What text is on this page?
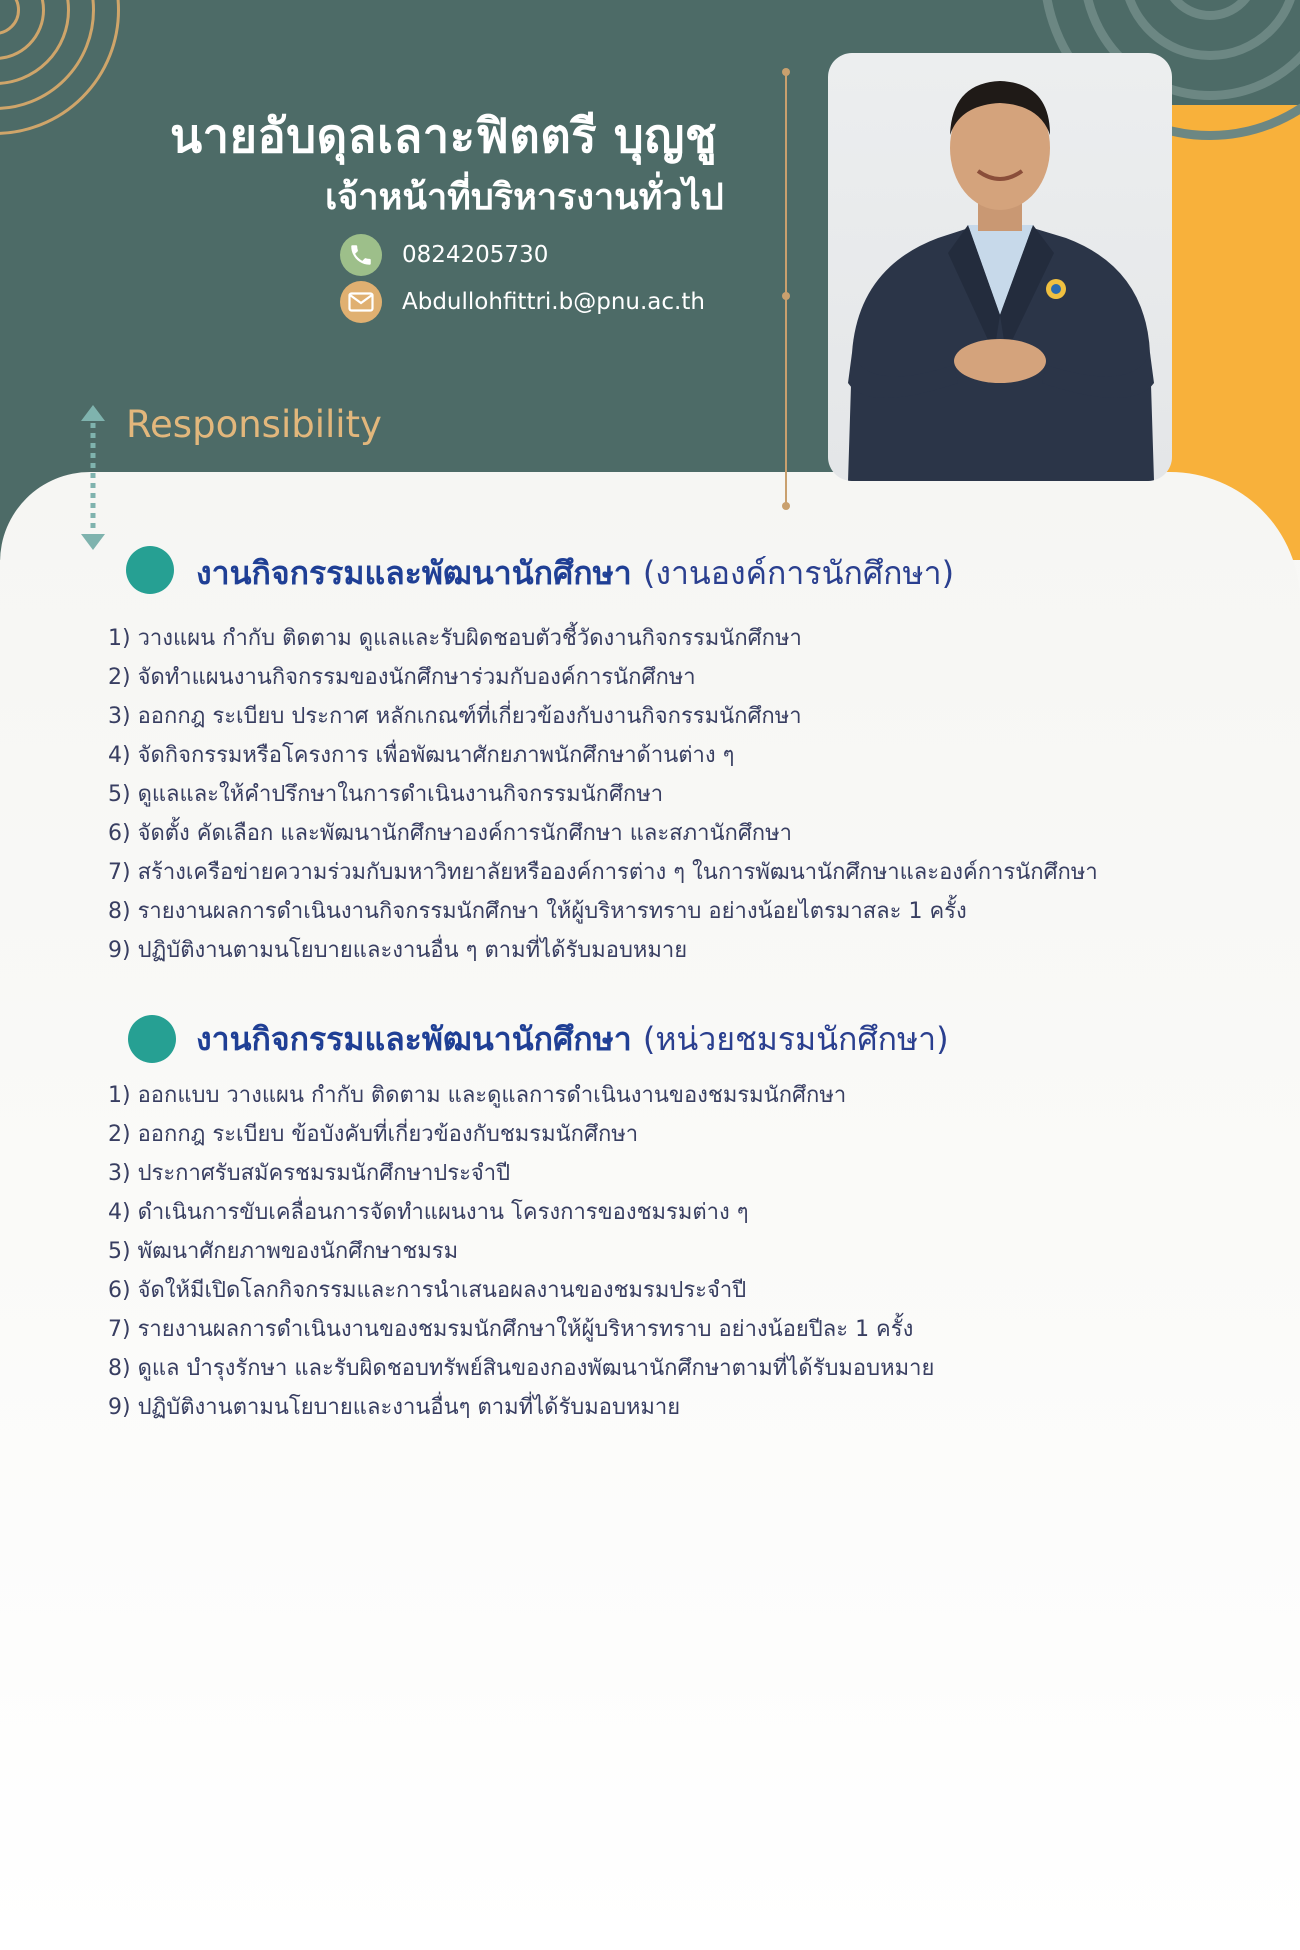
นายอับดุลเลาะฟิตตรี บุญชู
เจ้าหน้าที่บริหารงานทั่วไป
0824205730
Abdullohfittri.b@pnu.ac.th
Responsibility
งานกิจกรรมและพัฒนานักศึกษา (งานองค์การนักศึกษา)
1) วางแผน กำกับ ติดตาม ดูแลและรับผิดชอบตัวชี้วัดงานกิจกรรมนักศึกษา
2) จัดทำแผนงานกิจกรรมของนักศึกษาร่วมกับองค์การนักศึกษา
3) ออกกฎ ระเบียบ ประกาศ หลักเกณฑ์ที่เกี่ยวข้องกับงานกิจกรรมนักศึกษา
4) จัดกิจกรรมหรือโครงการ เพื่อพัฒนาศักยภาพนักศึกษาด้านต่าง ๆ
5) ดูแลและให้คำปรึกษาในการดำเนินงานกิจกรรมนักศึกษา
6) จัดตั้ง คัดเลือก และพัฒนานักศึกษาองค์การนักศึกษา และสภานักศึกษา
7) สร้างเครือข่ายความร่วมกับมหาวิทยาลัยหรือองค์การต่าง ๆ ในการพัฒนานักศึกษาและองค์การนักศึกษา
8) รายงานผลการดำเนินงานกิจกรรมนักศึกษา ให้ผู้บริหารทราบ อย่างน้อยไตรมาสละ 1 ครั้ง
9) ปฏิบัติงานตามนโยบายและงานอื่น ๆ ตามที่ได้รับมอบหมาย
งานกิจกรรมและพัฒนานักศึกษา (หน่วยชมรมนักศึกษา)
1) ออกแบบ วางแผน กำกับ ติดตาม และดูแลการดำเนินงานของชมรมนักศึกษา
2) ออกกฎ ระเบียบ ข้อบังคับที่เกี่ยวข้องกับชมรมนักศึกษา
3) ประกาศรับสมัครชมรมนักศึกษาประจำปี
4) ดำเนินการขับเคลื่อนการจัดทำแผนงาน โครงการของชมรมต่าง ๆ
5) พัฒนาศักยภาพของนักศึกษาชมรม
6) จัดให้มีเปิดโลกกิจกรรมและการนำเสนอผลงานของชมรมประจำปี
7) รายงานผลการดำเนินงานของชมรมนักศึกษาให้ผู้บริหารทราบ อย่างน้อยปีละ 1 ครั้ง
8) ดูแล บำรุงรักษา และรับผิดชอบทรัพย์สินของกองพัฒนานักศึกษาตามที่ได้รับมอบหมาย
9) ปฏิบัติงานตามนโยบายและงานอื่นๆ ตามที่ได้รับมอบหมาย
